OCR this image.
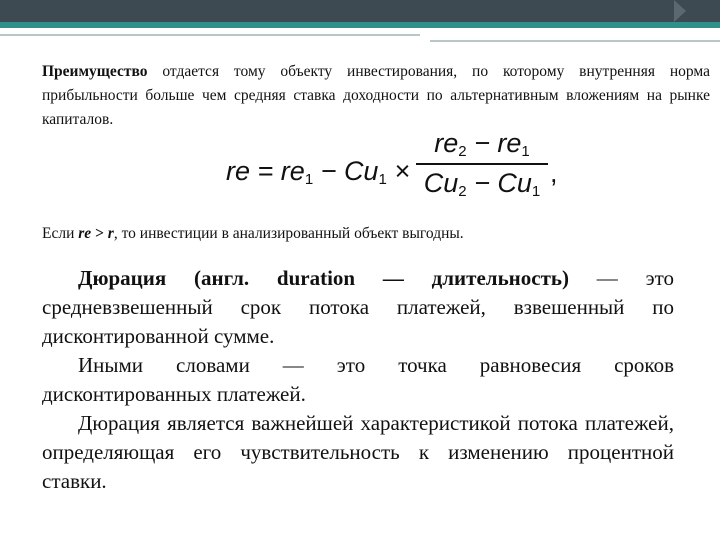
Преимущество отдается тому объекту инвестирования, по которому внутренняя норма прибыльности больше чем средняя ставка доходности по альтернативным вложениям на рынке капиталов.

re = $re_1 - Cu_1$ ×
$re_2 - re_1$
$Cu_2 - Cu_1$
,
Если re > r, то инвестиции в анализированный объект выгодны.

Дюрация (англ. duration — длительность) — это средневзвешенный срок потока платежей, взвешенный по дисконтированной сумме.

Иными словами — это точка равновесия сроков дисконтированных платежей.

Дюрация является важнейшей характеристикой потока платежей, определяющая его чувствительность к изменению процентной ставки.
